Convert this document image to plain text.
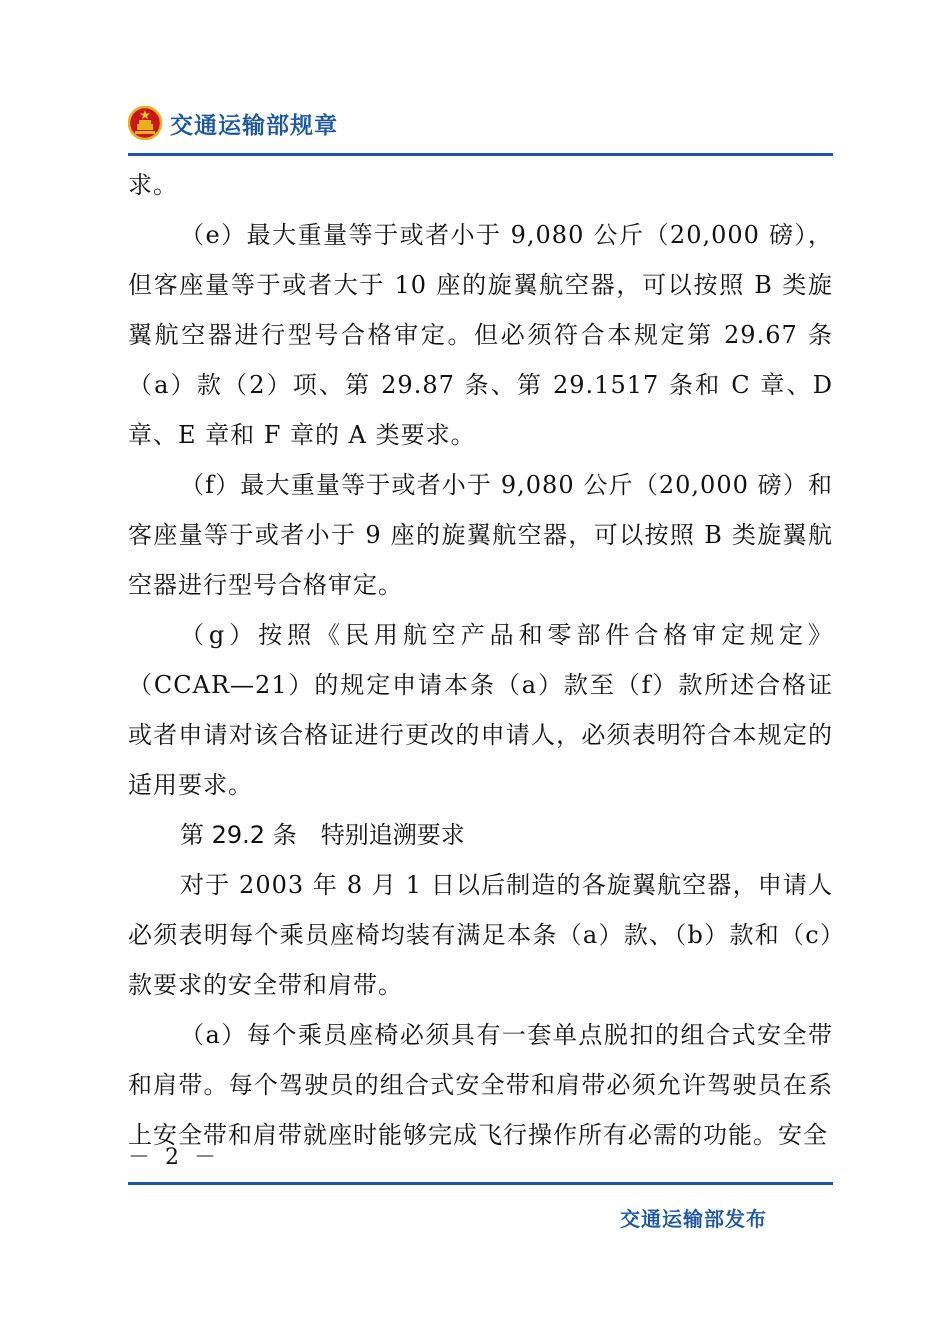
交通运输部规章

求。

（e）最大重量等于或者小于 9,080 公斤（20,000 磅），但客座量等于或者大于 10 座的旋翼航空器，可以按照 B 类旋翼航空器进行型号合格审定。但必须符合本规定第 29.67 条（a）款（2）项、第 29.87 条、第 29.1517 条和 C 章、D 章、E 章和 F 章的 A 类要求。

（f）最大重量等于或者小于 9,080 公斤（20,000 磅）和客座量等于或者小于 9 座的旋翼航空器，可以按照 B 类旋翼航空器进行型号合格审定。

（g）按照《民用航空产品和零部件合格审定规定》（CCAR—21）的规定申请本条（a）款至（f）款所述合格证或者申请对该合格证进行更改的申请人，必须表明符合本规定的适用要求。

第 29.2 条 特别追溯要求

对于 2003 年 8 月 1 日以后制造的各旋翼航空器，申请人必须表明每个乘员座椅均装有满足本条（a）款、（b）款和（c）款要求的安全带和肩带。

（a）每个乘员座椅必须具有一套单点脱扣的组合式安全带和肩带。每个驾驶员的组合式安全带和肩带必须允许驾驶员在系上安全带和肩带就座时能够完成飞行操作所有必需的功能。安全

－ 2 －
交通运输部发布
